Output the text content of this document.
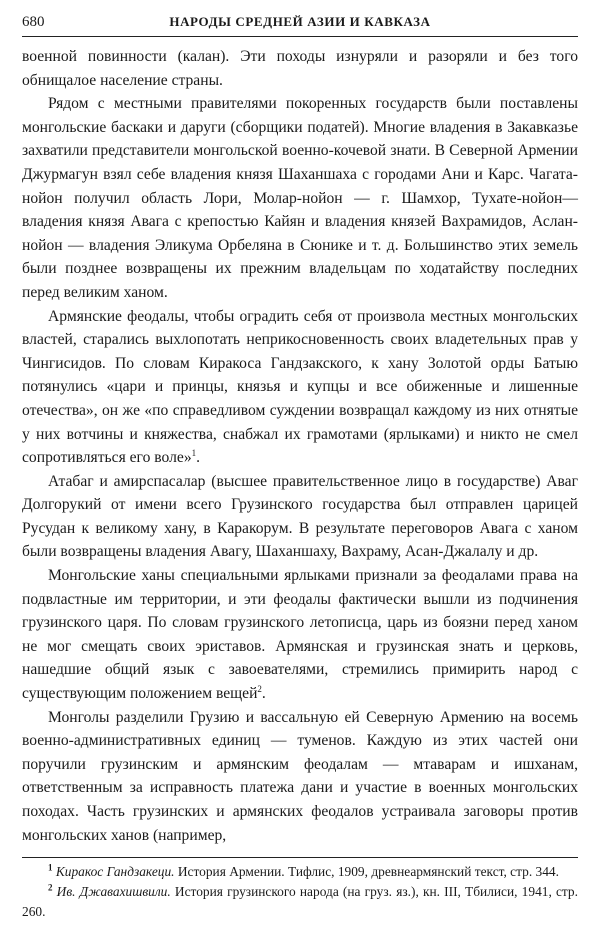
680	НАРОДЫ СРЕДНЕЙ АЗИИ И КАВКАЗА

военной повинности (калан). Эти походы изнуряли и разоряли и без того обнищалое население страны.

Рядом с местными правителями покоренных государств были поставлены монгольские баскаки и даруги (сборщики податей). Многие владения в Закавказье захватили представители монгольской военно-кочевой знати. В Северной Армении Джурмагун взял себе владения князя Шаханшаха с городами Ани и Карс. Чагата-нойон получил область Лори, Молар-нойон — г. Шамхор, Тухате-нойон— владения князя Авага с крепостью Кайян и владения князей Вахрамидов, Аслан-нойон — владения Эликума Орбеляна в Сюнике и т. д. Большинство этих земель были позднее возвращены их прежним владельцам по ходатайству последних перед великим ханом.

Армянские феодалы, чтобы оградить себя от произвола местных монгольских властей, старались выхлопотать неприкосновенность своих владетельных прав у Чингисидов. По словам Киракоса Гандзакского, к хану Золотой орды Батыю потянулись «цари и принцы, князья и купцы и все обиженные и лишенные отечества», он же «по справедливом суждении возвращал каждому из них отнятые у них вотчины и княжества, снабжал их грамотами (ярлыками) и никто не смел сопротивляться его воле»$^1$.

Атабаг и амирспасалар (высшее правительственное лицо в государстве) Аваг Долгорукий от имени всего Грузинского государства был отправлен царицей Русудан к великому хану, в Каракорум. В результате переговоров Авага с ханом были возвращены владения Авагу, Шаханшаху, Вахраму, Асан-Джалалу и др.

Монгольские ханы специальными ярлыками признали за феодалами права на подвластные им территории, и эти феодалы фактически вышли из подчинения грузинского царя. По словам грузинского летописца, царь из боязни перед ханом не мог смещать своих эриставов. Армянская и грузинская знать и церковь, нашедшие общий язык с завоевателями, стремились примирить народ с существующим положением вещей$^2$.

Монголы разделили Грузию и вассальную ей Северную Армению на восемь военно-административных единиц — туменов. Каждую из этих частей они поручили грузинским и армянским феодалам — мтаварам и ишханам, ответственным за исправность платежа дани и участие в военных монгольских походах. Часть грузинских и армянских феодалов устраивала заговоры против монгольских ханов (например,

$^1$ Киракос Гандзакеци. История Армении. Тифлис, 1909, древнеармянский текст, стр. 344.

$^2$ Ив. Джавахишвили. История грузинского народа (на груз. яз.), кн. III, Тбилиси, 1941, стр. 260.
